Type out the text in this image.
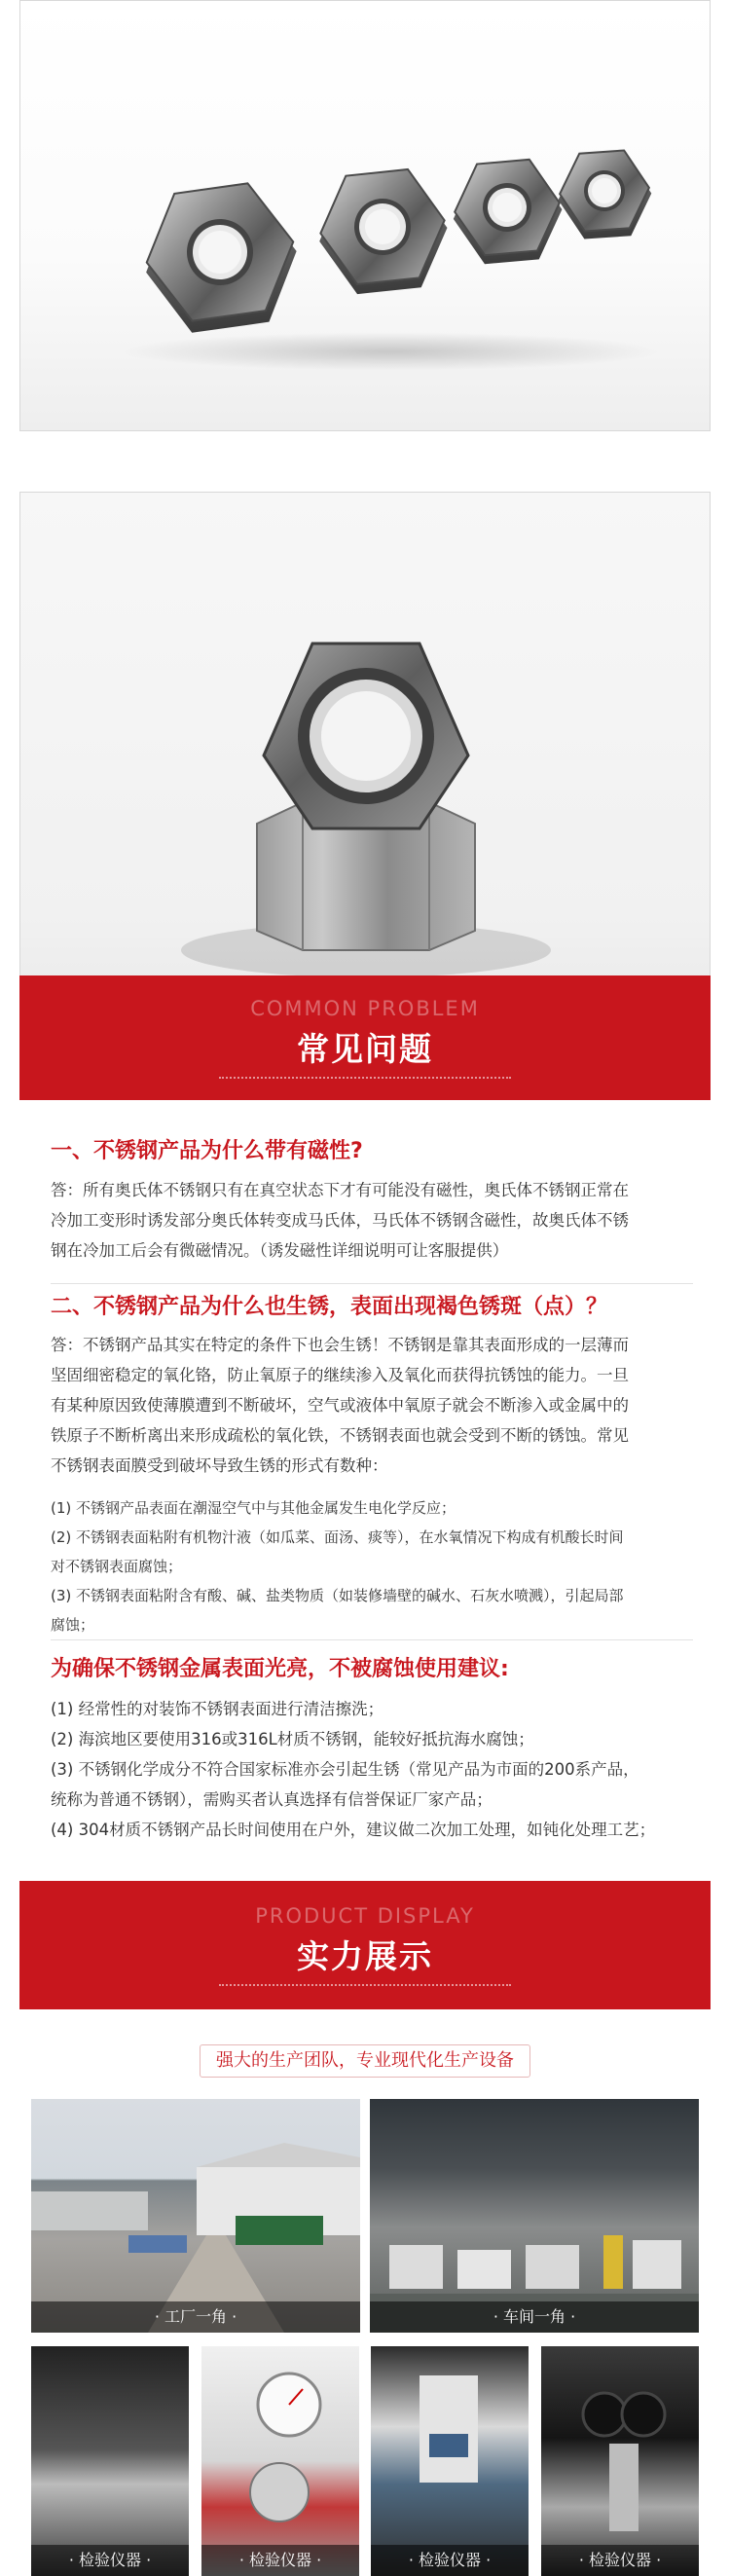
COMMON PROBLEM
常见问题
一、不锈钢产品为什么带有磁性?
答：所有奥氏体不锈钢只有在真空状态下才有可能没有磁性，奥氏体不锈钢正常在
冷加工变形时诱发部分奥氏体转变成马氏体，马氏体不锈钢含磁性，故奥氏体不锈
钢在冷加工后会有微磁情况。（诱发磁性详细说明可让客服提供）
二、不锈钢产品为什么也生锈，表面出现褐色锈斑（点）？
答：不锈钢产品其实在特定的条件下也会生锈！不锈钢是靠其表面形成的一层薄而
坚固细密稳定的氧化铬，防止氧原子的继续渗入及氧化而获得抗锈蚀的能力。一旦
有某种原因致使薄膜遭到不断破坏，空气或液体中氧原子就会不断渗入或金属中的
铁原子不断析离出来形成疏松的氧化铁，不锈钢表面也就会受到不断的锈蚀。常见
不锈钢表面膜受到破坏导致生锈的形式有数种：
(1) 不锈钢产品表面在潮湿空气中与其他金属发生电化学反应；
(2) 不锈钢表面粘附有机物汁液（如瓜菜、面汤、痰等），在水氧情况下构成有机酸长时间
对不锈钢表面腐蚀；
(3) 不锈钢表面粘附含有酸、碱、盐类物质（如装修墙壁的碱水、石灰水喷溅），引起局部
腐蚀；
为确保不锈钢金属表面光亮，不被腐蚀使用建议:
(1) 经常性的对装饰不锈钢表面进行清洁擦洗；
(2) 海滨地区要使用316或316L材质不锈钢，能较好抵抗海水腐蚀；
(3) 不锈钢化学成分不符合国家标准亦会引起生锈（常见产品为市面的200系产品，
统称为普通不锈钢），需购买者认真选择有信誉保证厂家产品；
(4) 304材质不锈钢产品长时间使用在户外，建议做二次加工处理，如钝化处理工艺；
PRODUCT DISPLAY
实力展示
强大的生产团队，专业现代化生产设备
· 工厂一角 ·	· 车间一角 ·
· 检验仪器 ·	· 检验仪器 ·	· 检验仪器 ·	· 检验仪器 ·
